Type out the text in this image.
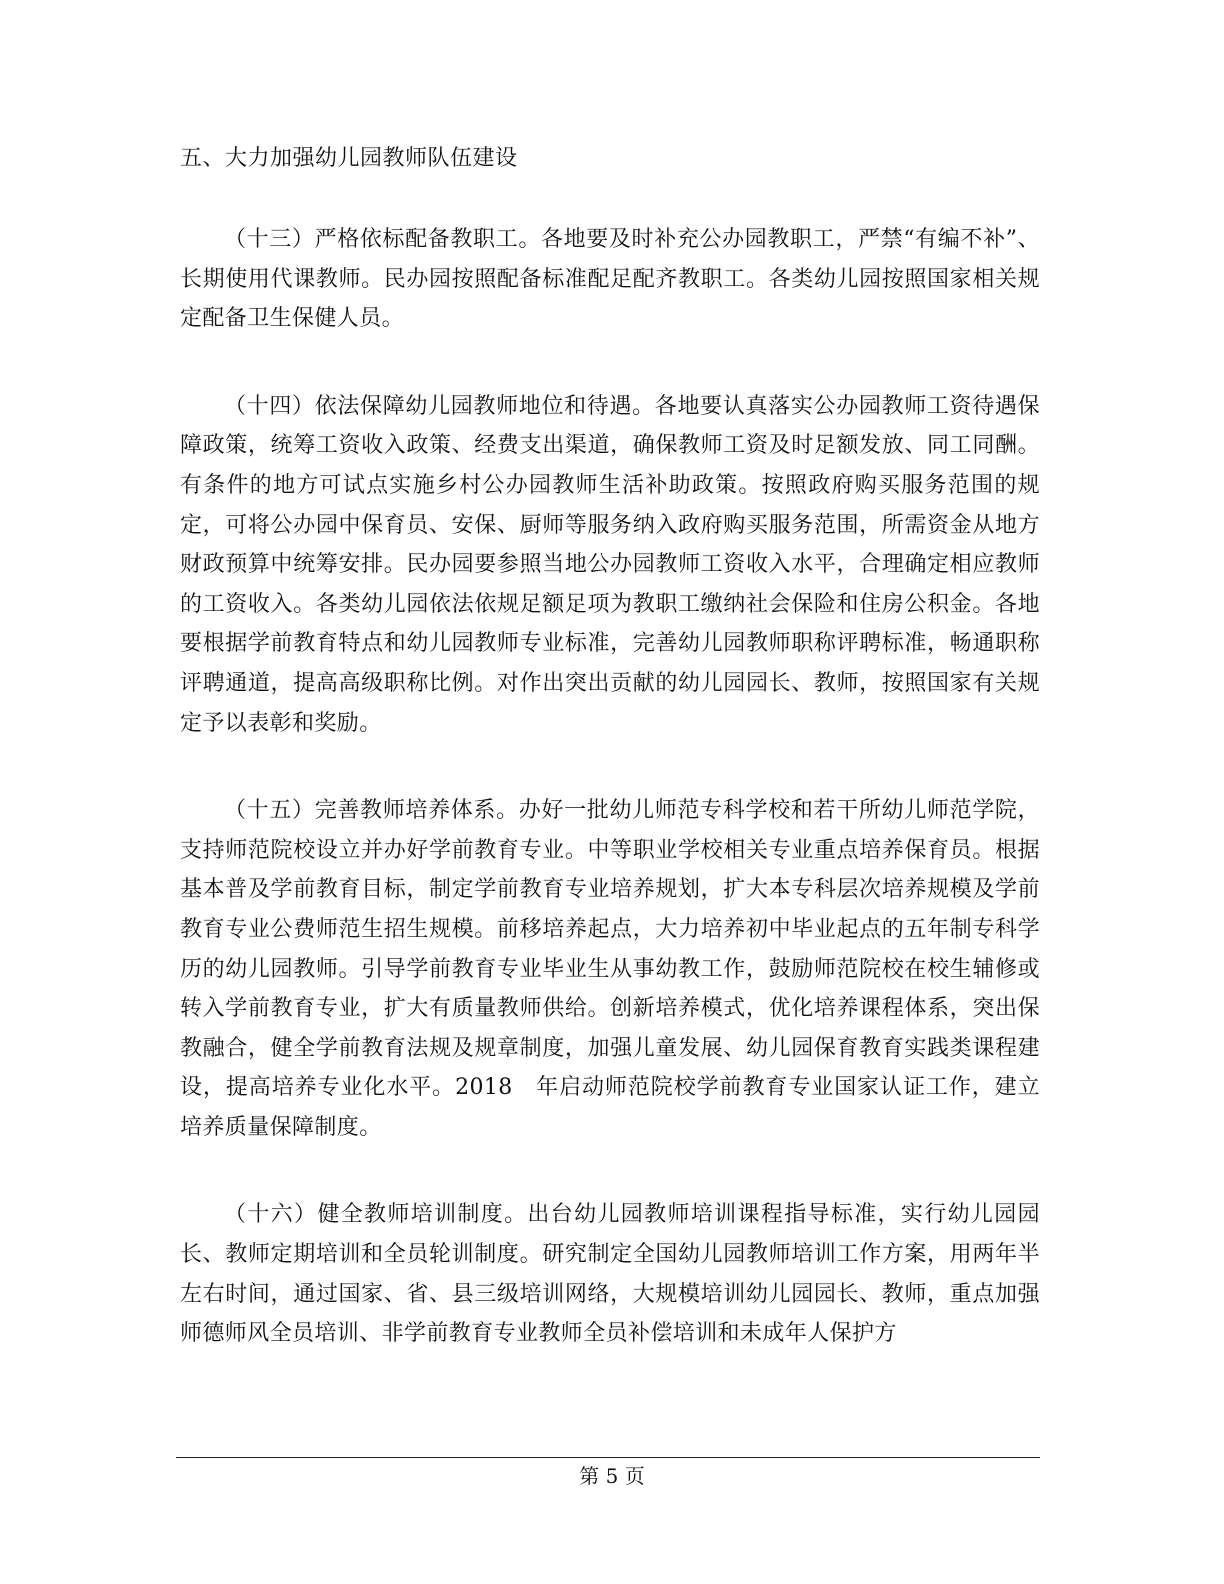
五、大力加强幼儿园教师队伍建设

（十三）严格依标配备教职工。各地要及时补充公办园教职工，严禁“有编不补”、长期使用代课教师。民办园按照配备标准配足配齐教职工。各类幼儿园按照国家相关规定配备卫生保健人员。

（十四）依法保障幼儿园教师地位和待遇。各地要认真落实公办园教师工资待遇保障政策，统筹工资收入政策、经费支出渠道，确保教师工资及时足额发放、同工同酬。有条件的地方可试点实施乡村公办园教师生活补助政策。按照政府购买服务范围的规定，可将公办园中保育员、安保、厨师等服务纳入政府购买服务范围，所需资金从地方财政预算中统筹安排。民办园要参照当地公办园教师工资收入水平，合理确定相应教师的工资收入。各类幼儿园依法依规足额足项为教职工缴纳社会保险和住房公积金。各地要根据学前教育特点和幼儿园教师专业标准，完善幼儿园教师职称评聘标准，畅通职称评聘通道，提高高级职称比例。对作出突出贡献的幼儿园园长、教师，按照国家有关规定予以表彰和奖励。

（十五）完善教师培养体系。办好一批幼儿师范专科学校和若干所幼儿师范学院，支持师范院校设立并办好学前教育专业。中等职业学校相关专业重点培养保育员。根据基本普及学前教育目标，制定学前教育专业培养规划，扩大本专科层次培养规模及学前教育专业公费师范生招生规模。前移培养起点，大力培养初中毕业起点的五年制专科学历的幼儿园教师。引导学前教育专业毕业生从事幼教工作，鼓励师范院校在校生辅修或转入学前教育专业，扩大有质量教师供给。创新培养模式，优化培养课程体系，突出保教融合，健全学前教育法规及规章制度，加强儿童发展、幼儿园保育教育实践类课程建设，提高培养专业化水平。2018　年启动师范院校学前教育专业国家认证工作，建立培养质量保障制度。

（十六）健全教师培训制度。出台幼儿园教师培训课程指导标准，实行幼儿园园长、教师定期培训和全员轮训制度。研究制定全国幼儿园教师培训工作方案，用两年半左右时间，通过国家、省、县三级培训网络，大规模培训幼儿园园长、教师，重点加强师德师风全员培训、非学前教育专业教师全员补偿培训和未成年人保护方

第 5 页
